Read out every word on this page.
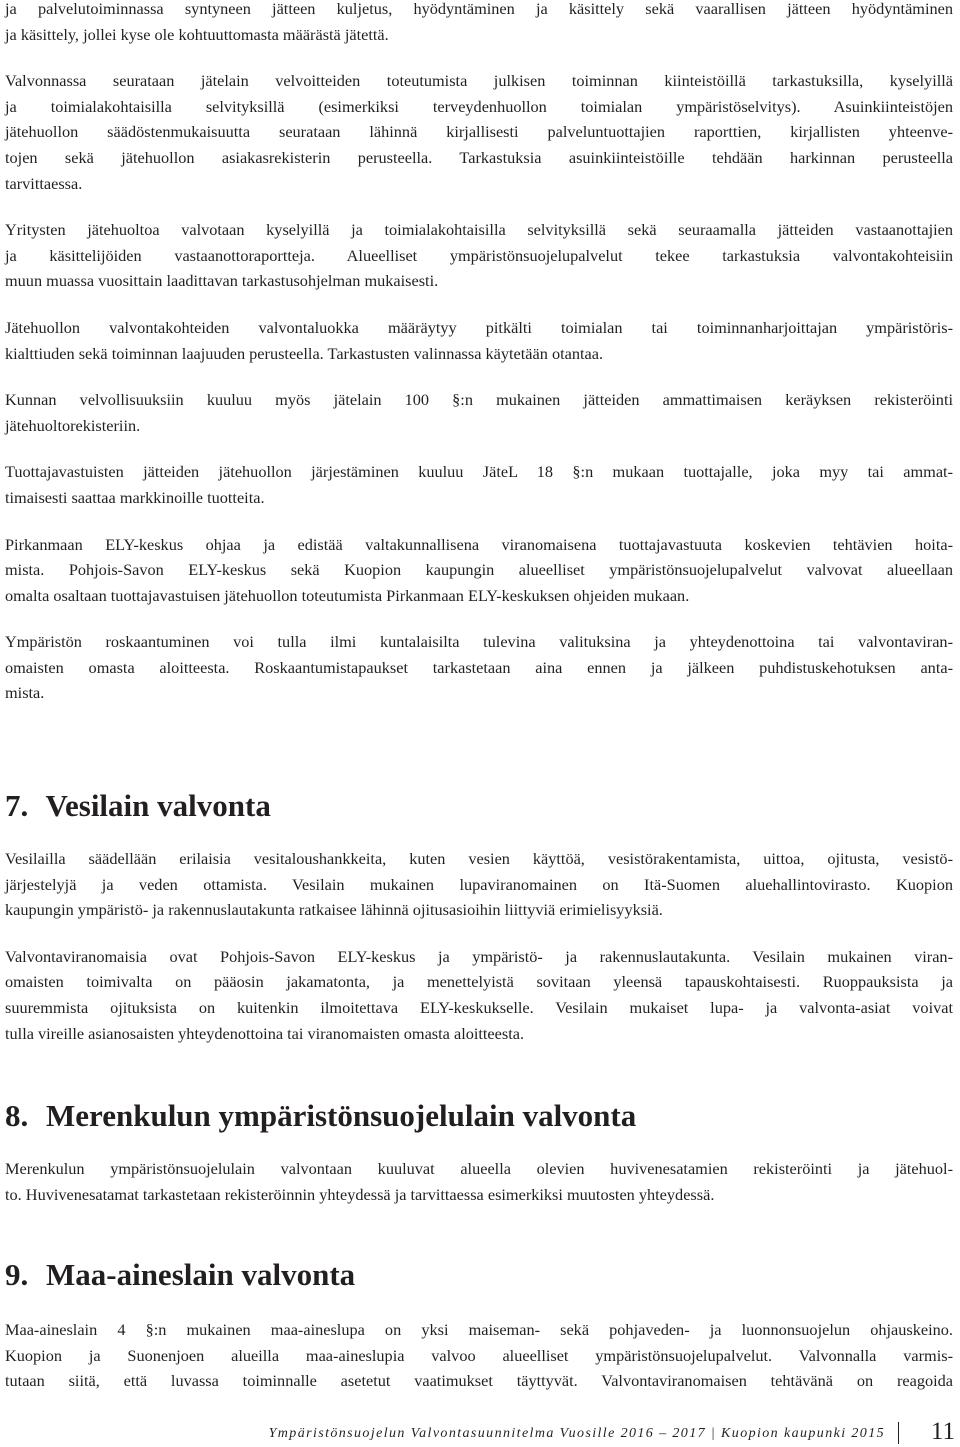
ja palvelutoiminnassa syntyneen jätteen kuljetus, hyödyntäminen ja käsittely sekä vaarallisen jätteen hyödyntäminen
ja käsittely, jollei kyse ole kohtuuttomasta määrästä jätettä.

Valvonnassa seurataan jätelain velvoitteiden toteutumista julkisen toiminnan kiinteistöillä tarkastuksilla, kyselyillä
ja toimialakohtaisilla selvityksillä (esimerkiksi terveydenhuollon toimialan ympäristöselvitys). Asuinkiinteistöjen
jätehuollon säädöstenmukaisuutta seurataan lähinnä kirjallisesti palveluntuottajien raporttien, kirjallisten yhteenve-
tojen sekä jätehuollon asiakasrekisterin perusteella. Tarkastuksia asuinkiinteistöille tehdään harkinnan perusteella
tarvittaessa.

Yritysten jätehuoltoa valvotaan kyselyillä ja toimialakohtaisilla selvityksillä sekä seuraamalla jätteiden vastaanottajien
ja käsittelijöiden vastaanottoraportteja. Alueelliset ympäristönsuojelupalvelut tekee tarkastuksia valvontakohteisiin
muun muassa vuosittain laadittavan tarkastusohjelman mukaisesti.

Jätehuollon valvontakohteiden valvontaluokka määräytyy pitkälti toimialan tai toiminnanharjoittajan ympäristöris-
kialttiuden sekä toiminnan laajuuden perusteella. Tarkastusten valinnassa käytetään otantaa.

Kunnan velvollisuuksiin kuuluu myös jätelain 100 §:n mukainen jätteiden ammattimaisen keräyksen rekisteröinti
jätehuoltorekisteriin.

Tuottajavastuisten jätteiden jätehuollon järjestäminen kuuluu JäteL 18 §:n mukaan tuottajalle, joka myy tai ammat-
timaisesti saattaa markkinoille tuotteita.

Pirkanmaan ELY-keskus ohjaa ja edistää valtakunnallisena viranomaisena tuottajavastuuta koskevien tehtävien hoita-
mista. Pohjois-Savon ELY-keskus sekä Kuopion kaupungin alueelliset ympäristönsuojelupalvelut valvovat alueellaan
omalta osaltaan tuottajavastuisen jätehuollon toteutumista Pirkanmaan ELY-keskuksen ohjeiden mukaan.

Ympäristön roskaantuminen voi tulla ilmi kuntalaisilta tulevina valituksina ja yhteydenottoina tai valvontaviran-
omaisten omasta aloitteesta. Roskaantumistapaukset tarkastetaan aina ennen ja jälkeen puhdistuskehotuksen anta-
mista.

7. Vesilain valvonta

Vesilailla säädellään erilaisia vesitaloushankkeita, kuten vesien käyttöä, vesistörakentamista, uittoa, ojitusta, vesistö-
järjestelyjä ja veden ottamista. Vesilain mukainen lupaviranomainen on Itä-Suomen aluehallintovirasto. Kuopion
kaupungin ympäristö- ja rakennuslautakunta ratkaisee lähinnä ojitusasioihin liittyviä erimielisyyksiä.

Valvontaviranomaisia ovat Pohjois-Savon ELY-keskus ja ympäristö- ja rakennuslautakunta. Vesilain mukainen viran-
omaisten toimivalta on pääosin jakamatonta, ja menettelyistä sovitaan yleensä tapauskohtaisesti. Ruoppauksista ja
suuremmista ojituksista on kuitenkin ilmoitettava ELY-keskukselle. Vesilain mukaiset lupa- ja valvonta-asiat voivat
tulla vireille asianosaisten yhteydenottoina tai viranomaisten omasta aloitteesta.

8. Merenkulun ympäristönsuojelulain valvonta

Merenkulun ympäristönsuojelulain valvontaan kuuluvat alueella olevien huvivenesatamien rekisteröinti ja jätehuol-
to. Huvivenesatamat tarkastetaan rekisteröinnin yhteydessä ja tarvittaessa esimerkiksi muutosten yhteydessä.

9. Maa-aineslain valvonta

Maa-aineslain 4 §:n mukainen maa-aineslupa on yksi maiseman- sekä pohjaveden- ja luonnonsuojelun ohjauskeino.
Kuopion ja Suonenjoen alueilla maa-aineslupia valvoo alueelliset ympäristönsuojelupalvelut. Valvonnalla varmis-
tutaan siitä, että luvassa toiminnalle asetetut vaatimukset täyttyvät. Valvontaviranomaisen tehtävänä on reagoida

Ympäristönsuojelun Valvontasuunnitelma Vuosille 2016 – 2017 | Kuopion kaupunki 2015 11
